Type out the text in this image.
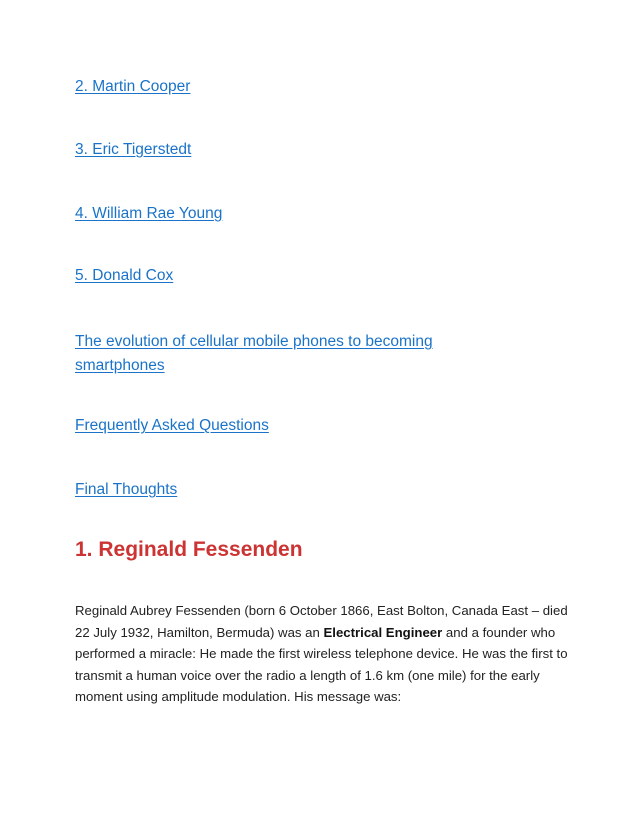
2. Martin Cooper
3. Eric Tigerstedt
4. William Rae Young
5. Donald Cox
The evolution of cellular mobile phones to becoming smartphones
Frequently Asked Questions
Final Thoughts
1. Reginald Fessenden

Reginald Aubrey Fessenden (born 6 October 1866, East Bolton, Canada East – died 22 July 1932, Hamilton, Bermuda) was an Electrical Engineer and a founder who performed a miracle: He made the first wireless telephone device. He was the first to transmit a human voice over the radio a length of 1.6 km (one mile) for the early moment using amplitude modulation. His message was:
